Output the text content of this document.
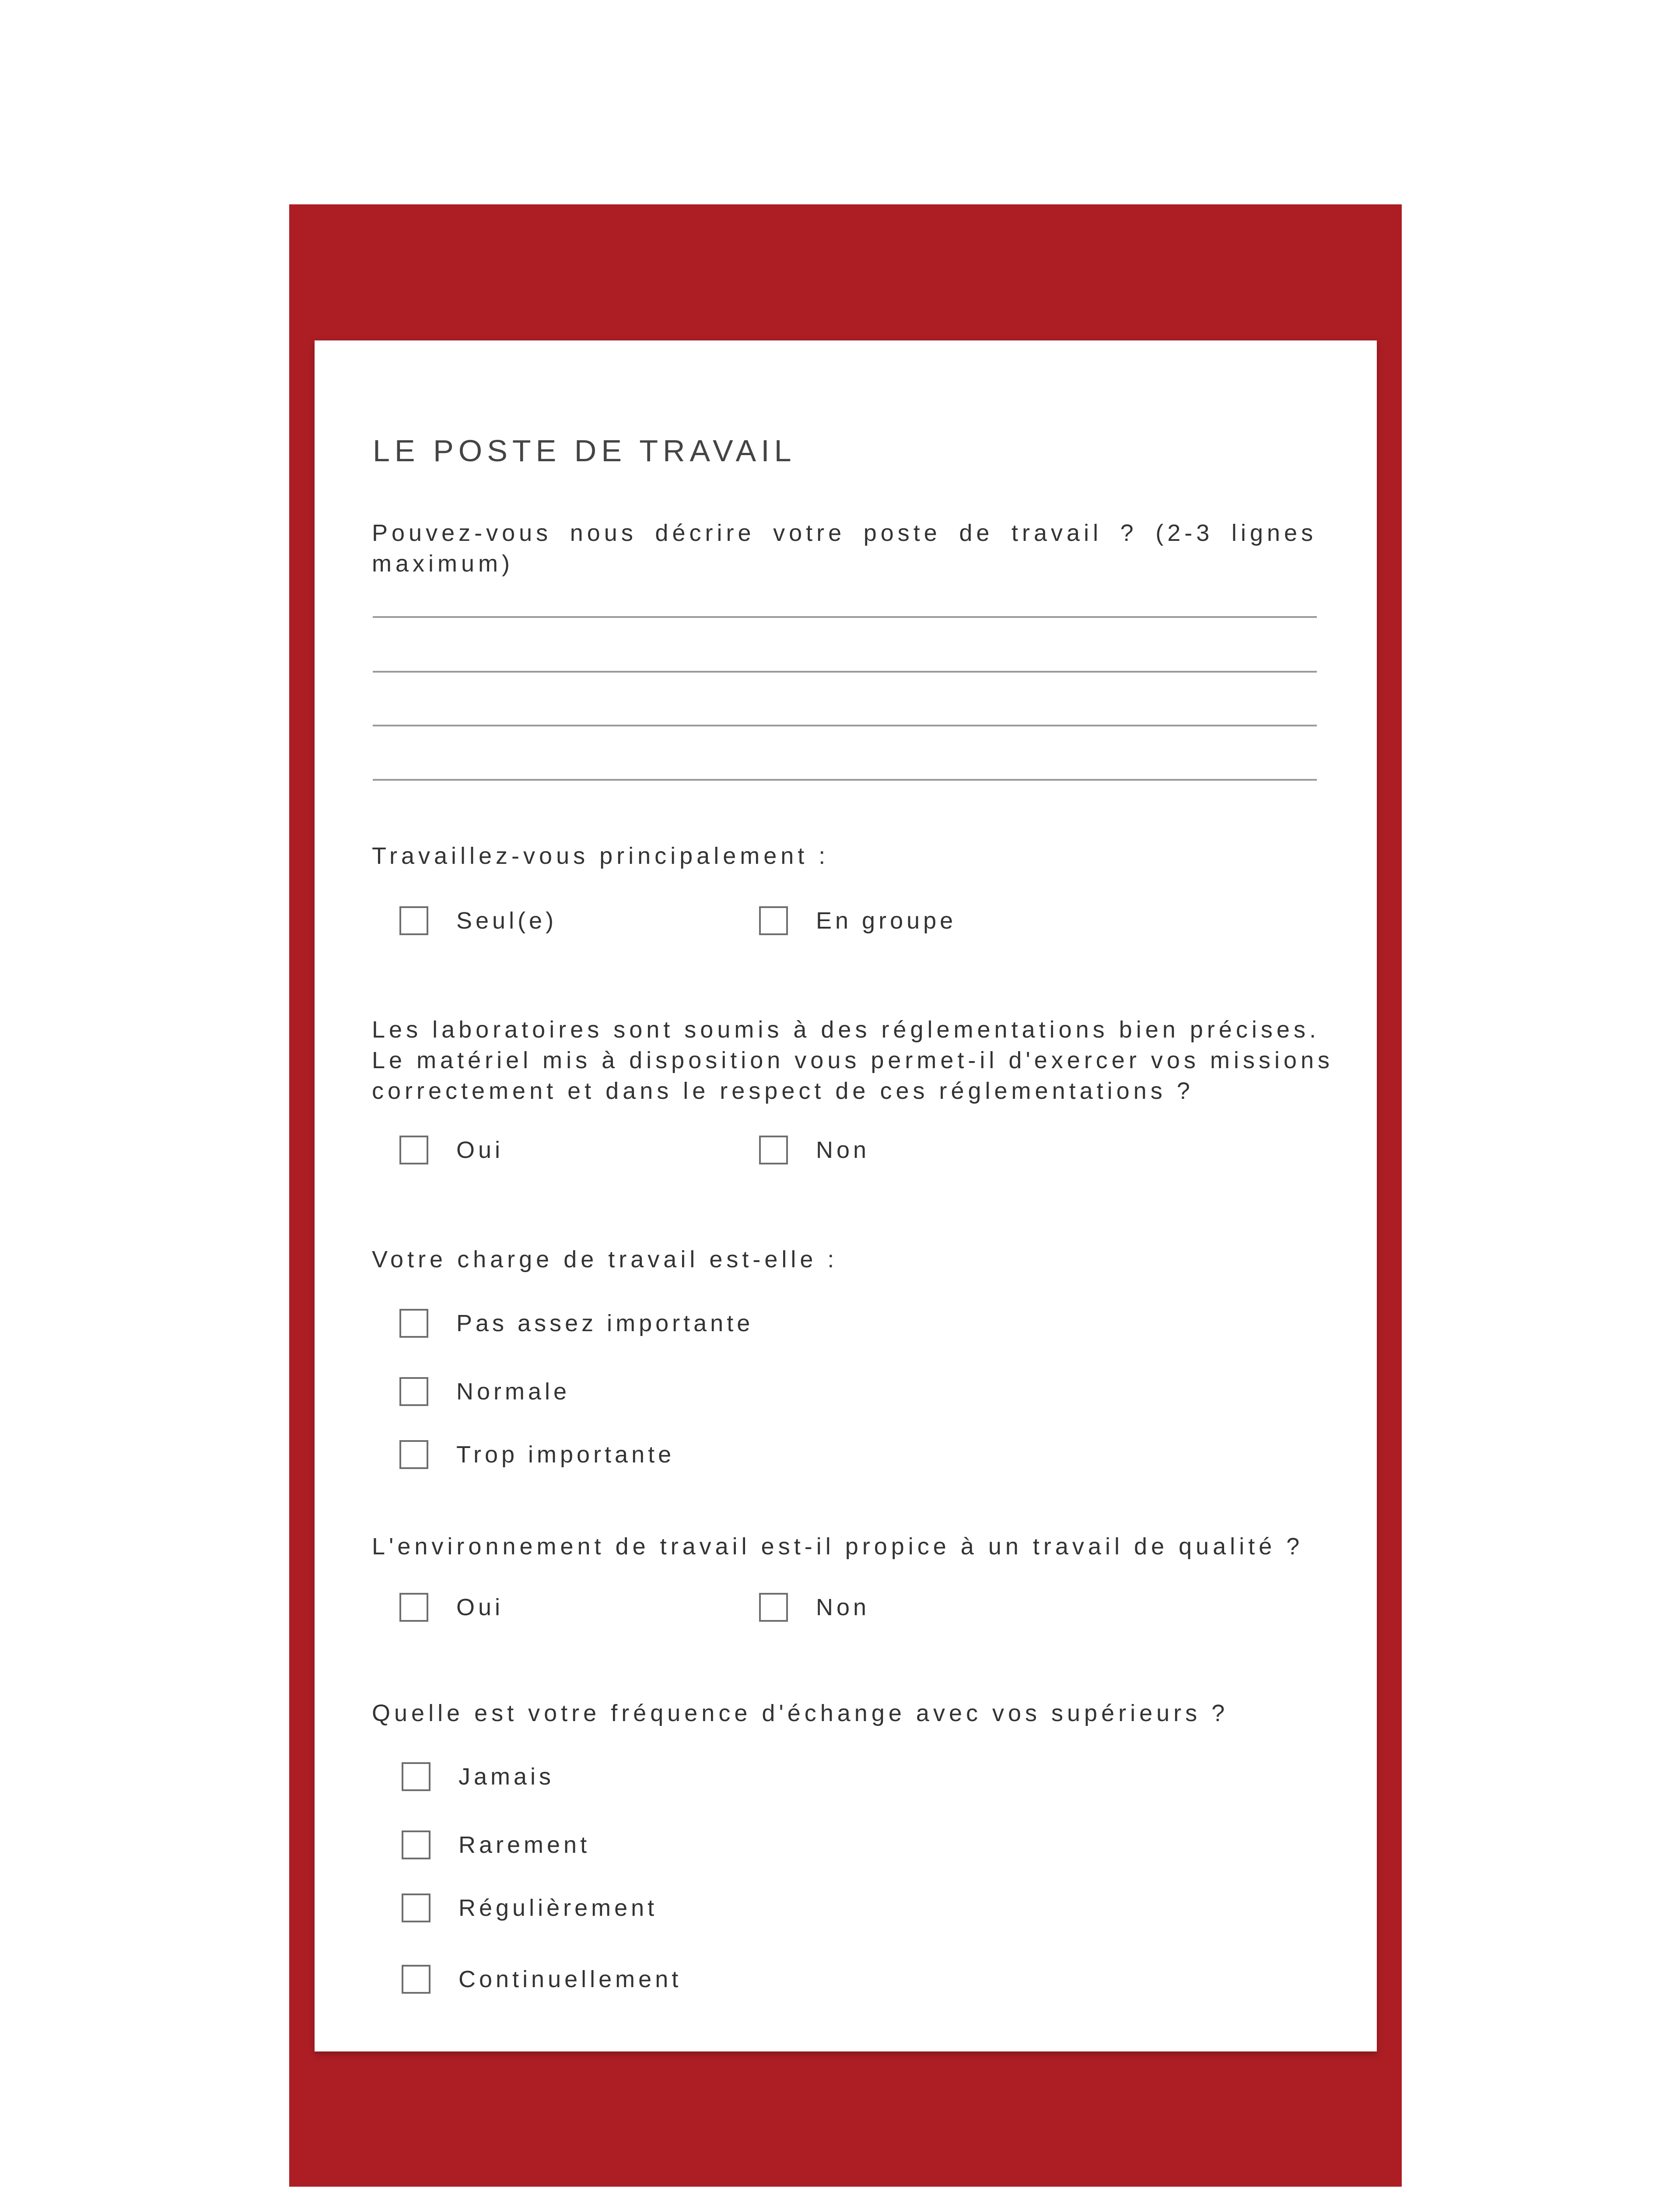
LE POSTE DE TRAVAIL
Pouvez-vous nous décrire votre poste de travail ? (2-3 lignes maximum)
Travaillez-vous principalement :
Seul(e)	En groupe
Les laboratoires sont soumis à des réglementations bien précises.
Le matériel mis à disposition vous permet-il d'exercer vos missions
correctement et dans le respect de ces réglementations ?
Oui	Non
Votre charge de travail est-elle :
Pas assez importante
Normale
Trop importante
L'environnement de travail est-il propice à un travail de qualité ?
Oui	Non
Quelle est votre fréquence d'échange avec vos supérieurs ?
Jamais
Rarement
Régulièrement
Continuellement
